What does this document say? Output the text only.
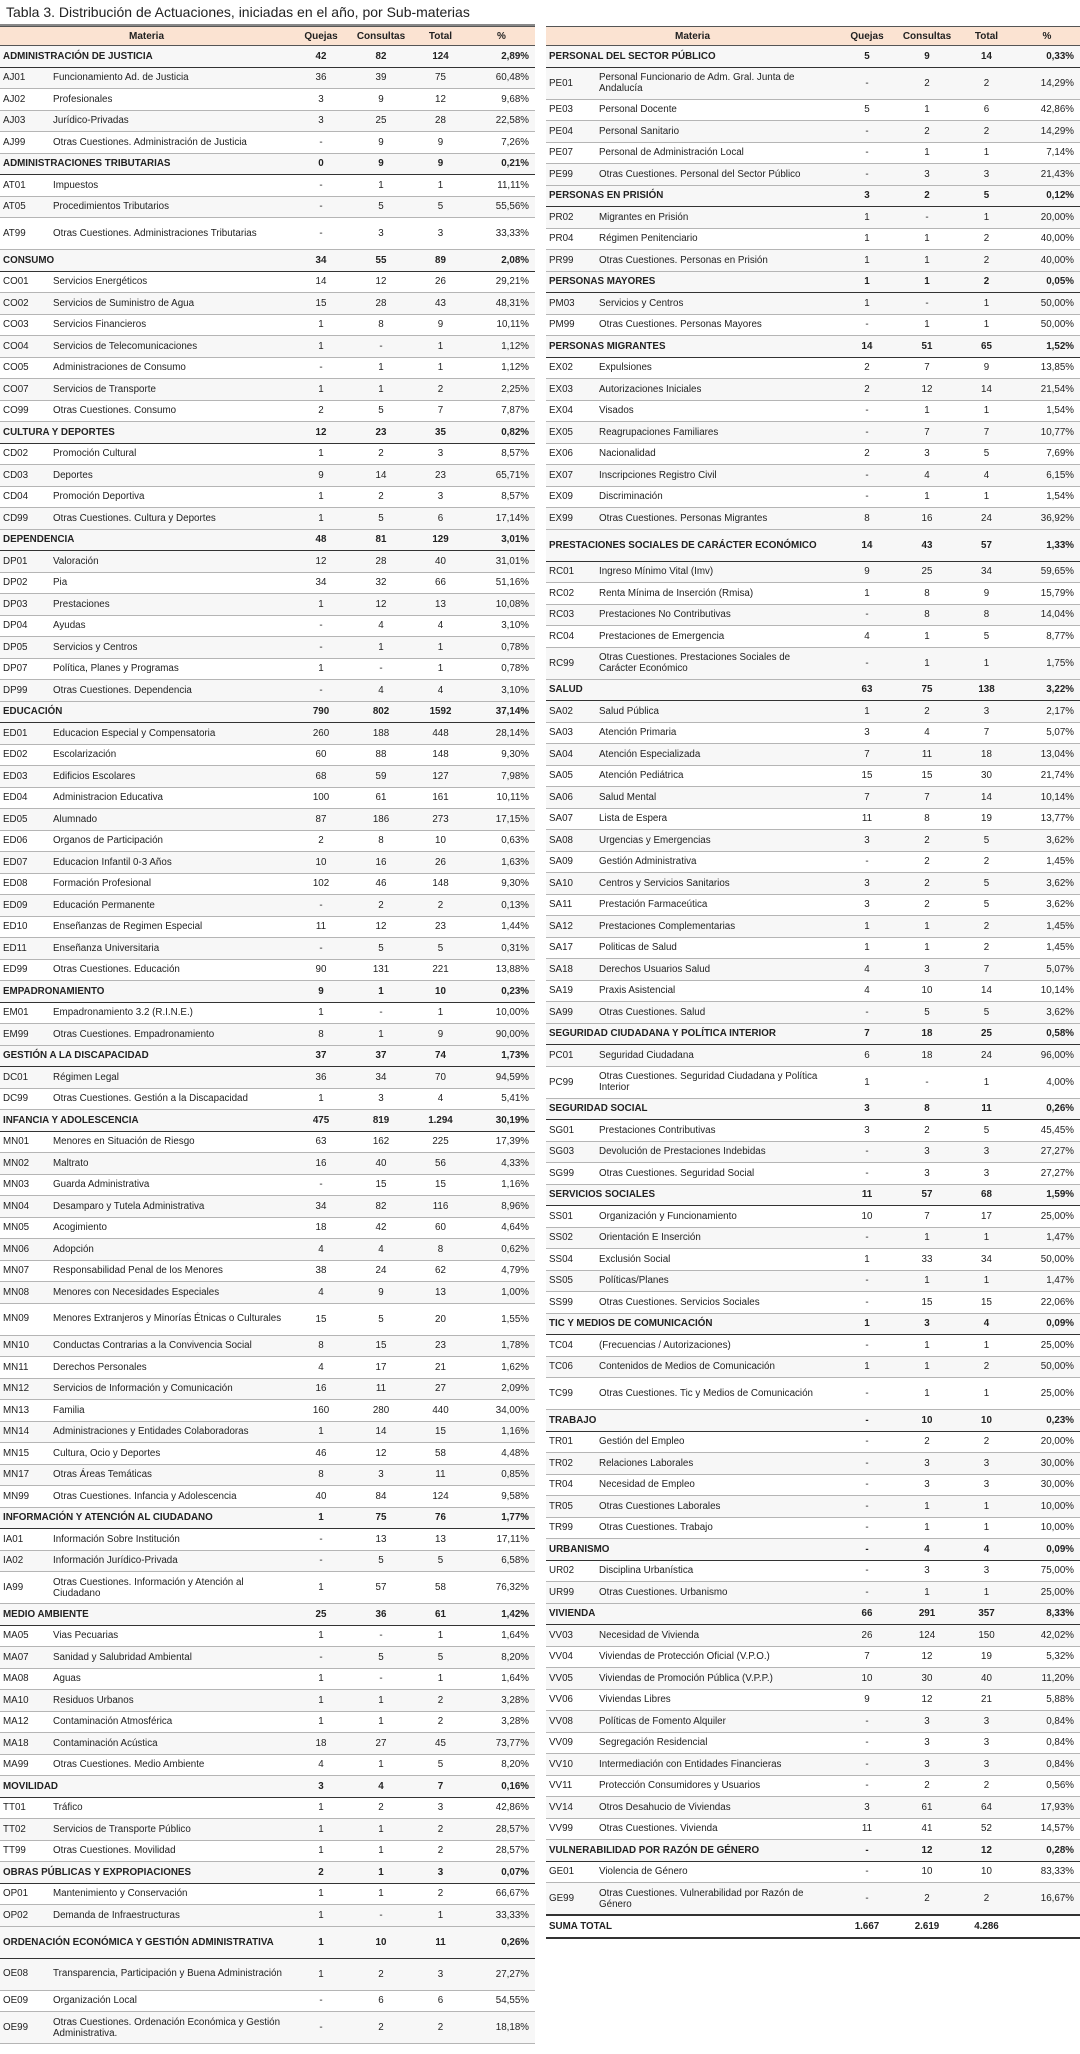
Tabla 3. Distribución de Actuaciones, iniciadas en el año, por Sub-materias
Materia	Quejas	Consultas	Total	%
ADMINISTRACIÓN DE JUSTICIA	42	82	124	2,89%
AJ01 Funcionamiento Ad. de Justicia	36	39	75	60,48%
AJ02 Profesionales	3	9	12	9,68%
AJ03 Jurídico-Privadas	3	25	28	22,58%
AJ99 Otras Cuestiones. Administración de Justicia	-	9	9	7,26%
ADMINISTRACIONES TRIBUTARIAS	0	9	9	0,21%
AT01 Impuestos	-	1	1	11,11%
AT05 Procedimientos Tributarios	-	5	5	55,56%
AT99 Otras Cuestiones. Administraciones Tributarias	-	3	3	33,33%
CONSUMO	34	55	89	2,08%
CO01 Servicios Energéticos	14	12	26	29,21%
CO02 Servicios de Suministro de Agua	15	28	43	48,31%
CO03 Servicios Financieros	1	8	9	10,11%
CO04 Servicios de Telecomunicaciones	1	-	1	1,12%
CO05 Administraciones de Consumo	-	1	1	1,12%
CO07 Servicios de Transporte	1	1	2	2,25%
CO99 Otras Cuestiones. Consumo	2	5	7	7,87%
CULTURA Y DEPORTES	12	23	35	0,82%
CD02 Promoción Cultural	1	2	3	8,57%
CD03 Deportes	9	14	23	65,71%
CD04 Promoción Deportiva	1	2	3	8,57%
CD99 Otras Cuestiones. Cultura y Deportes	1	5	6	17,14%
DEPENDENCIA	48	81	129	3,01%
DP01 Valoración	12	28	40	31,01%
DP02 Pia	34	32	66	51,16%
DP03 Prestaciones	1	12	13	10,08%
DP04 Ayudas	-	4	4	3,10%
DP05 Servicios y Centros	-	1	1	0,78%
DP07 Política, Planes y Programas	1	-	1	0,78%
DP99 Otras Cuestiones. Dependencia	-	4	4	3,10%
EDUCACIÓN	790	802	1592	37,14%
ED01 Educacion Especial y Compensatoria	260	188	448	28,14%
ED02 Escolarización	60	88	148	9,30%
ED03 Edificios Escolares	68	59	127	7,98%
ED04 Administracion Educativa	100	61	161	10,11%
ED05 Alumnado	87	186	273	17,15%
ED06 Organos de Participación	2	8	10	0,63%
ED07 Educacion Infantil 0-3 Años	10	16	26	1,63%
ED08 Formación Profesional	102	46	148	9,30%
ED09 Educación Permanente	-	2	2	0,13%
ED10 Enseñanzas de Regimen Especial	11	12	23	1,44%
ED11 Enseñanza Universitaria	-	5	5	0,31%
ED99 Otras Cuestiones. Educación	90	131	221	13,88%
EMPADRONAMIENTO	9	1	10	0,23%
EM01 Empadronamiento 3.2 (R.I.N.E.)	1	-	1	10,00%
EM99 Otras Cuestiones. Empadronamiento	8	1	9	90,00%
GESTIÓN A LA DISCAPACIDAD	37	37	74	1,73%
DC01 Régimen Legal	36	34	70	94,59%
DC99 Otras Cuestiones. Gestión a la Discapacidad	1	3	4	5,41%
INFANCIA Y ADOLESCENCIA	475	819	1.294	30,19%
MN01 Menores en Situación de Riesgo	63	162	225	17,39%
MN02 Maltrato	16	40	56	4,33%
MN03 Guarda Administrativa	-	15	15	1,16%
MN04 Desamparo y Tutela Administrativa	34	82	116	8,96%
MN05 Acogimiento	18	42	60	4,64%
MN06 Adopción	4	4	8	0,62%
MN07 Responsabilidad Penal de los Menores	38	24	62	4,79%
MN08 Menores con Necesidades Especiales	4	9	13	1,00%
MN09 Menores Extranjeros y Minorías Étnicas o Culturales	15	5	20	1,55%
MN10 Conductas Contrarias a la Convivencia Social	8	15	23	1,78%
MN11 Derechos Personales	4	17	21	1,62%
MN12 Servicios de Información y Comunicación	16	11	27	2,09%
MN13 Familia	160	280	440	34,00%
MN14 Administraciones y Entidades Colaboradoras	1	14	15	1,16%
MN15 Cultura, Ocio y Deportes	46	12	58	4,48%
MN17 Otras Áreas Temáticas	8	3	11	0,85%
MN99 Otras Cuestiones. Infancia y Adolescencia	40	84	124	9,58%
INFORMACIÓN Y ATENCIÓN AL CIUDADANO	1	75	76	1,77%
IA01 Información Sobre Institución	-	13	13	17,11%
IA02 Información Jurídico-Privada	-	5	5	6,58%
IA99 Otras Cuestiones. Información y Atención al Ciudadano	1	57	58	76,32%
MEDIO AMBIENTE	25	36	61	1,42%
MA05 Vias Pecuarias	1	-	1	1,64%
MA07 Sanidad y Salubridad Ambiental	-	5	5	8,20%
MA08 Aguas	1	-	1	1,64%
MA10 Residuos Urbanos	1	1	2	3,28%
MA12 Contaminación Atmosférica	1	1	2	3,28%
MA18 Contaminación Acústica	18	27	45	73,77%
MA99 Otras Cuestiones. Medio Ambiente	4	1	5	8,20%
MOVILIDAD	3	4	7	0,16%
TT01 Tráfico	1	2	3	42,86%
TT02 Servicios de Transporte Público	1	1	2	28,57%
TT99 Otras Cuestiones. Movilidad	1	1	2	28,57%
OBRAS PÚBLICAS Y EXPROPIACIONES	2	1	3	0,07%
OP01 Mantenimiento y Conservación	1	1	2	66,67%
OP02 Demanda de Infraestructuras	1	-	1	33,33%
ORDENACIÓN ECONÓMICA Y GESTIÓN ADMINISTRATIVA	1	10	11	0,26%
OE08 Transparencia, Participación y Buena Administración	1	2	3	27,27%
OE09 Organización Local	-	6	6	54,55%
OE99 Otras Cuestiones. Ordenación Económica y Gestión Administrativa.	-	2	2	18,18%
Materia	Quejas	Consultas	Total	%
PERSONAL DEL SECTOR PÚBLICO	5	9	14	0,33%
PE01 Personal Funcionario de Adm. Gral. Junta de Andalucía	-	2	2	14,29%
PE03 Personal Docente	5	1	6	42,86%
PE04 Personal Sanitario	-	2	2	14,29%
PE07 Personal de Administración Local	-	1	1	7,14%
PE99 Otras Cuestiones. Personal del Sector Público	-	3	3	21,43%
PERSONAS EN PRISIÓN	3	2	5	0,12%
PR02 Migrantes en Prisión	1	-	1	20,00%
PR04 Régimen Penitenciario	1	1	2	40,00%
PR99 Otras Cuestiones. Personas en Prisión	1	1	2	40,00%
PERSONAS MAYORES	1	1	2	0,05%
PM03 Servicios y Centros	1	-	1	50,00%
PM99 Otras Cuestiones. Personas Mayores	-	1	1	50,00%
PERSONAS MIGRANTES	14	51	65	1,52%
EX02 Expulsiones	2	7	9	13,85%
EX03 Autorizaciones Iniciales	2	12	14	21,54%
EX04 Visados	-	1	1	1,54%
EX05 Reagrupaciones Familiares	-	7	7	10,77%
EX06 Nacionalidad	2	3	5	7,69%
EX07 Inscripciones Registro Civil	-	4	4	6,15%
EX09 Discriminación	-	1	1	1,54%
EX99 Otras Cuestiones. Personas Migrantes	8	16	24	36,92%
PRESTACIONES SOCIALES DE CARÁCTER ECONÓMICO	14	43	57	1,33%
RC01 Ingreso Mínimo Vital (Imv)	9	25	34	59,65%
RC02 Renta Mínima de Inserción (Rmisa)	1	8	9	15,79%
RC03 Prestaciones No Contributivas	-	8	8	14,04%
RC04 Prestaciones de Emergencia	4	1	5	8,77%
RC99 Otras Cuestiones. Prestaciones Sociales de Carácter Económico	-	1	1	1,75%
SALUD	63	75	138	3,22%
SA02 Salud Pública	1	2	3	2,17%
SA03 Atención Primaria	3	4	7	5,07%
SA04 Atención Especializada	7	11	18	13,04%
SA05 Atención Pediátrica	15	15	30	21,74%
SA06 Salud Mental	7	7	14	10,14%
SA07 Lista de Espera	11	8	19	13,77%
SA08 Urgencias y Emergencias	3	2	5	3,62%
SA09 Gestión Administrativa	-	2	2	1,45%
SA10 Centros y Servicios Sanitarios	3	2	5	3,62%
SA11 Prestación Farmaceútica	3	2	5	3,62%
SA12 Prestaciones Complementarias	1	1	2	1,45%
SA17 Politicas de Salud	1	1	2	1,45%
SA18 Derechos Usuarios Salud	4	3	7	5,07%
SA19 Praxis Asistencial	4	10	14	10,14%
SA99 Otras Cuestiones. Salud	-	5	5	3,62%
SEGURIDAD CIUDADANA Y POLÍTICA INTERIOR	7	18	25	0,58%
PC01 Seguridad Ciudadana	6	18	24	96,00%
PC99 Otras Cuestiones. Seguridad Ciudadana y Política Interior	1	-	1	4,00%
SEGURIDAD SOCIAL	3	8	11	0,26%
SG01 Prestaciones Contributivas	3	2	5	45,45%
SG03 Devolución de Prestaciones Indebidas	-	3	3	27,27%
SG99 Otras Cuestiones. Seguridad Social	-	3	3	27,27%
SERVICIOS SOCIALES	11	57	68	1,59%
SS01 Organización y Funcionamiento	10	7	17	25,00%
SS02 Orientación E Inserción	-	1	1	1,47%
SS04 Exclusión Social	1	33	34	50,00%
SS05 Políticas/Planes	-	1	1	1,47%
SS99 Otras Cuestiones. Servicios Sociales	-	15	15	22,06%
TIC Y MEDIOS DE COMUNICACIÓN	1	3	4	0,09%
TC04 (Frecuencias / Autorizaciones)	-	1	1	25,00%
TC06 Contenidos de Medios de Comunicación	1	1	2	50,00%
TC99 Otras Cuestiones. Tic y Medios de Comunicación	-	1	1	25,00%
TRABAJO	-	10	10	0,23%
TR01 Gestión del Empleo	-	2	2	20,00%
TR02 Relaciones Laborales	-	3	3	30,00%
TR04 Necesidad de Empleo	-	3	3	30,00%
TR05 Otras Cuestiones Laborales	-	1	1	10,00%
TR99 Otras Cuestiones. Trabajo	-	1	1	10,00%
URBANISMO	-	4	4	0,09%
UR02 Disciplina Urbanística	-	3	3	75,00%
UR99 Otras Cuestiones. Urbanismo	-	1	1	25,00%
VIVIENDA	66	291	357	8,33%
VV03 Necesidad de Vivienda	26	124	150	42,02%
VV04 Viviendas de Protección Oficial (V.P.O.)	7	12	19	5,32%
VV05 Viviendas de Promoción Pública (V.P.P.)	10	30	40	11,20%
VV06 Viviendas Libres	9	12	21	5,88%
VV08 Políticas de Fomento Alquiler	-	3	3	0,84%
VV09 Segregación Residencial	-	3	3	0,84%
VV10 Intermediación con Entidades Financieras	-	3	3	0,84%
VV11 Protección Consumidores y Usuarios	-	2	2	0,56%
VV14 Otros Desahucio de Viviendas	3	61	64	17,93%
VV99 Otras Cuestiones. Vivienda	11	41	52	14,57%
VULNERABILIDAD POR RAZÓN DE GÉNERO	-	12	12	0,28%
GE01 Violencia de Género	-	10	10	83,33%
GE99 Otras Cuestiones. Vulnerabilidad por Razón de Género	-	2	2	16,67%
SUMA TOTAL	1.667	2.619	4.286	
